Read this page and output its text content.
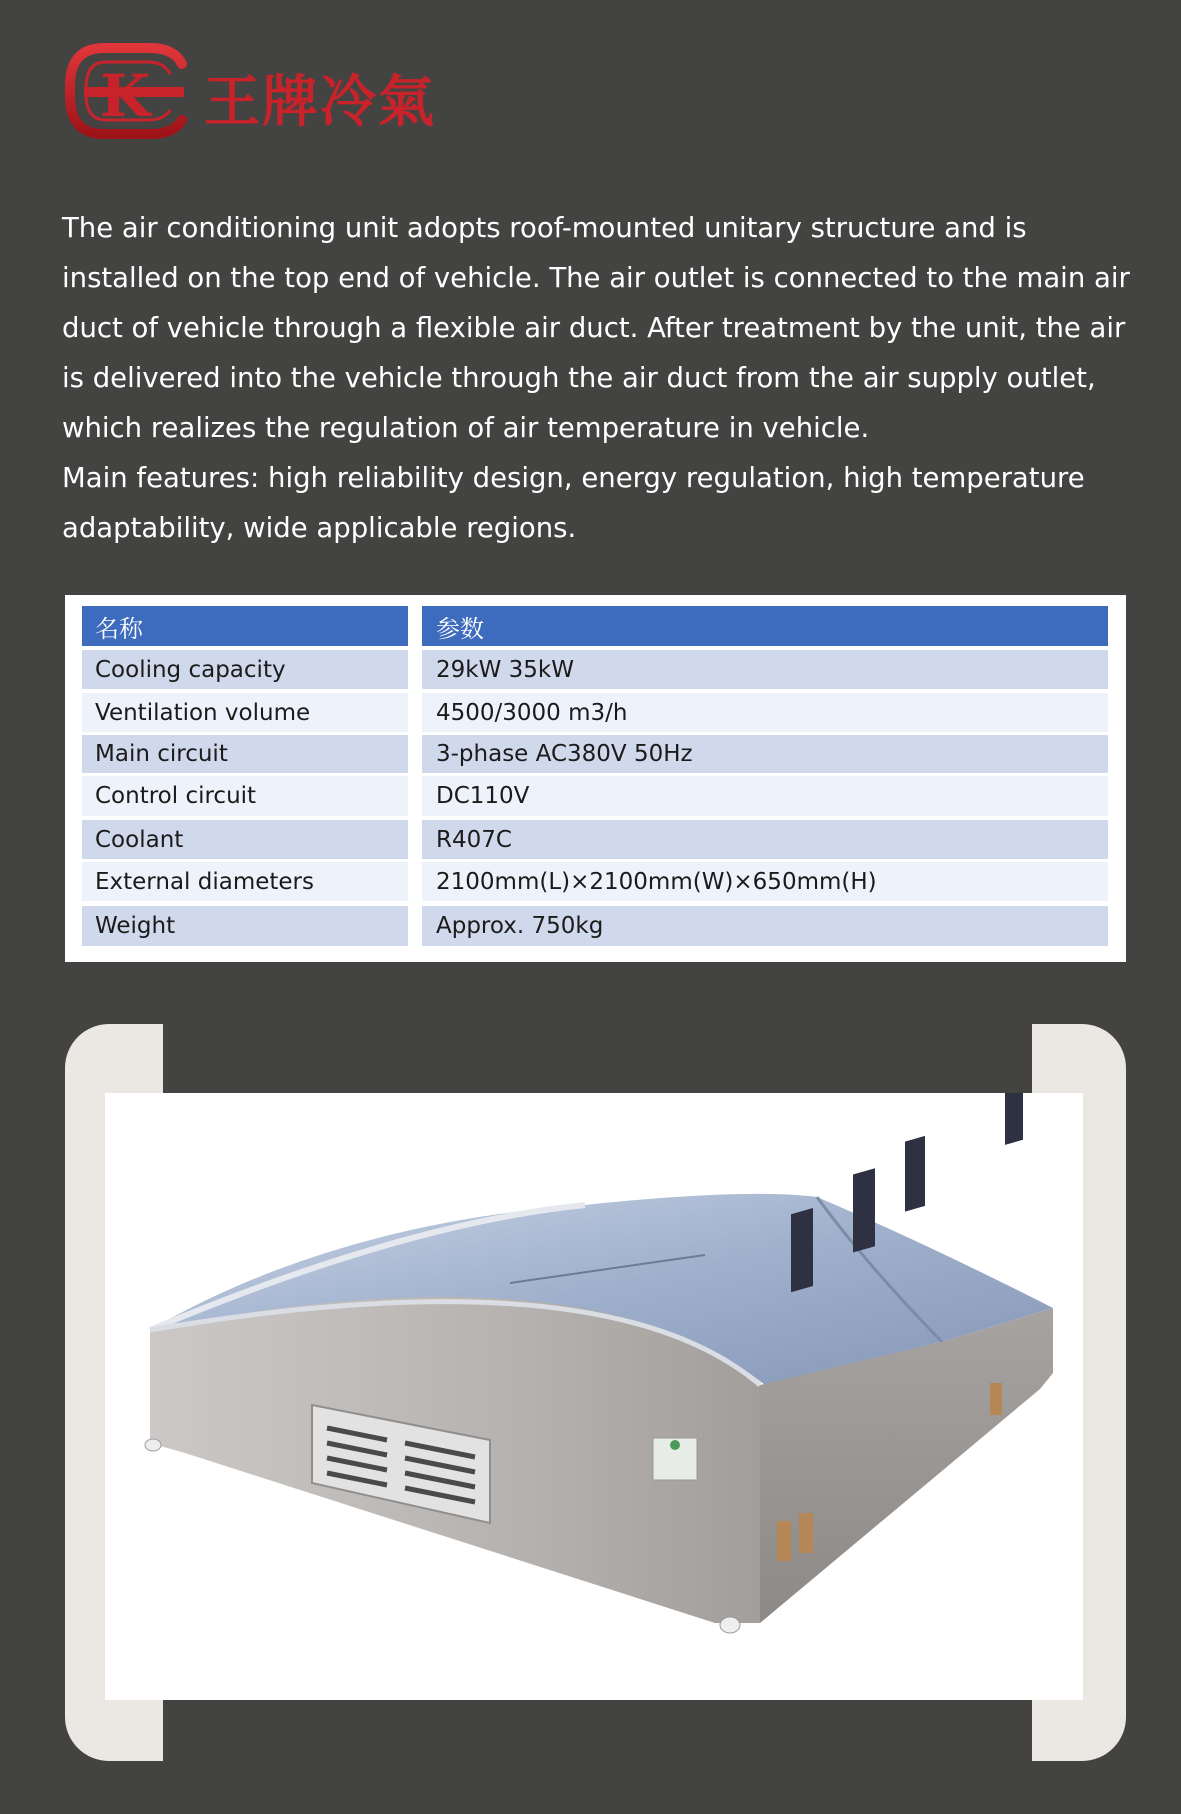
K 王牌冷氣

The air conditioning unit adopts roof-mounted unitary structure and is installed on the top end of vehicle. The air outlet is connected to the main air duct of vehicle through a flexible air duct. After treatment by the unit, the air is delivered into the vehicle through the air duct from the air supply outlet, which realizes the regulation of air temperature in vehicle.

Main features: high reliability design, energy regulation, high temperature adaptability, wide applicable regions.

名称	参数
Cooling capacity	29kW 35kW
Ventilation volume	4500/3000 m3/h
Main circuit	3-phase AC380V 50Hz
Control circuit	DC110V
Coolant	R407C
External diameters	2100mm(L)×2100mm(W)×650mm(H)
Weight	Approx. 750kg
